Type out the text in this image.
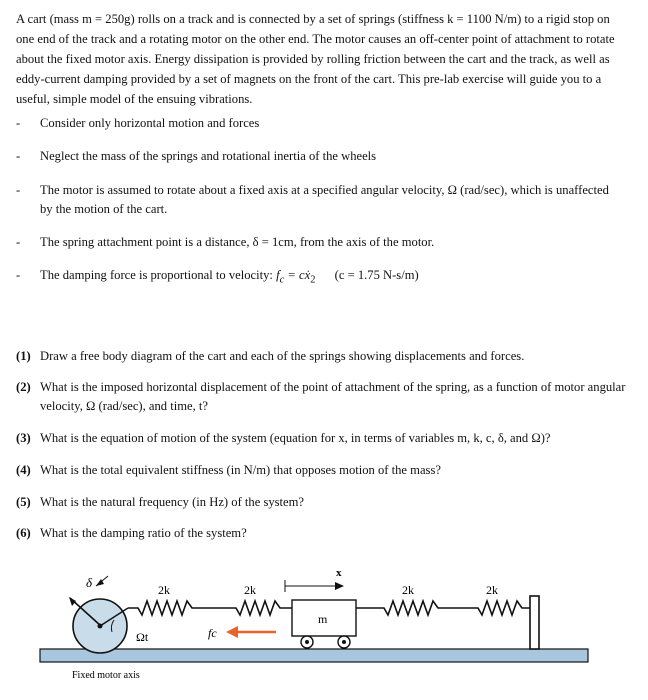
A cart (mass m = 250g) rolls on a track and is connected by a set of springs (stiffness k = 1100 N/m) to a rigid stop on one end of the track and a rotating motor on the other end. The motor causes an off-center point of attachment to rotate about the fixed motor axis. Energy dissipation is provided by rolling friction between the cart and the track, as well as eddy-current damping provided by a set of magnets on the front of the cart. This pre-lab exercise will guide you to a useful, simple model of the ensuing vibrations.

-	Consider only horizontal motion and forces
-	Neglect the mass of the springs and rotational inertia of the wheels
-	The motor is assumed to rotate about a fixed axis at a specified angular velocity, Ω (rad/sec), which is unaffected by the motion of the cart.
-	The spring attachment point is a distance, δ = 1cm, from the axis of the motor.
-	The damping force is proportional to velocity: $f_c$ = cẋ$_2$ (c = 1.75 N-s/m)
(1) Draw a free body diagram of the cart and each of the springs showing displacements and forces.
(2) What is the imposed horizontal displacement of the point of attachment of the spring, as a function of motor angular velocity, Ω (rad/sec), and time, t?
(3) What is the equation of motion of the system (equation for x, in terms of variables m, k, c, δ, and Ω)?
(4) What is the total equivalent stiffness (in N/m) that opposes motion of the mass?
(5) What is the natural frequency (in Hz) of the system?
(6) What is the damping ratio of the system?
Ωt
δ	2k	2k
x
m
fc
2k	2k
Fixed motor axis
